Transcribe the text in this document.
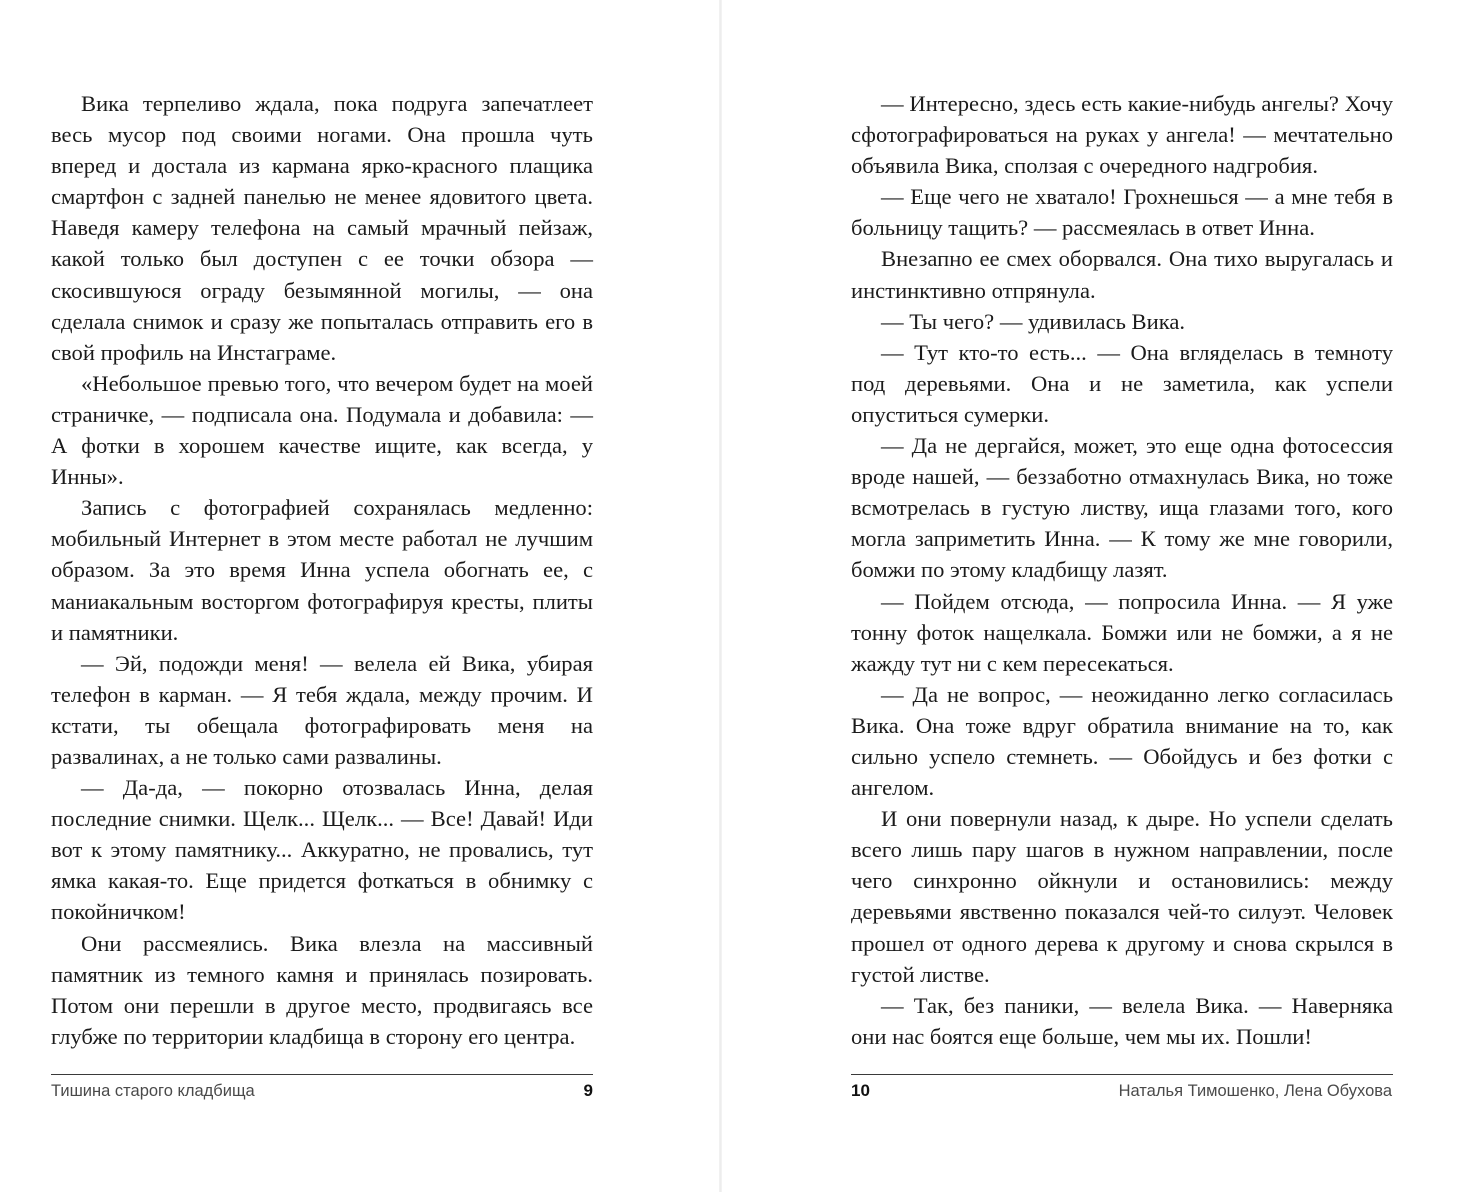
Вика терпеливо ждала, пока подруга запечатлеет весь мусор под своими ногами. Она прошла чуть вперед и достала из кармана ярко-красного плащика смартфон с задней панелью не менее ядовитого цвета. Наведя камеру телефона на самый мрачный пейзаж, какой только был доступен с ее точки обзора — скосившуюся ограду безымянной могилы, — она сделала снимок и сразу же попыталась отправить его в свой профиль на Инстаграме.

«Небольшое превью того, что вечером будет на моей страничке, — подписала она. Подумала и добавила: — А фотки в хорошем качестве ищите, как всегда, у Инны».

Запись с фотографией сохранялась медленно: мобильный Интернет в этом месте работал не лучшим образом. За это время Инна успела обогнать ее, с маниакальным восторгом фотографируя кресты, плиты и памятники.

— Эй, подожди меня! — велела ей Вика, убирая телефон в карман. — Я тебя ждала, между прочим. И кстати, ты обещала фотографировать меня на развалинах, а не только сами развалины.

— Да-да, — покорно отозвалась Инна, делая последние снимки. Щелк... Щелк... — Все! Давай! Иди вот к этому памятнику... Аккуратно, не провались, тут ямка какая-то. Еще придется фоткаться в обнимку с покойничком!

Они рассмеялись. Вика влезла на массивный памятник из темного камня и принялась позировать. Потом они перешли в другое место, продвигаясь все глубже по территории кладбища в сторону его центра.

Тишина старого кладбища	9

— Интересно, здесь есть какие-нибудь ангелы? Хочу сфотографироваться на руках у ангела! — мечтательно объявила Вика, сползая с очередного надгробия.

— Еще чего не хватало! Грохнешься — а мне тебя в больницу тащить? — рассмеялась в ответ Инна.

Внезапно ее смех оборвался. Она тихо выругалась и инстинктивно отпрянула.

— Ты чего? — удивилась Вика.

— Тут кто-то есть... — Она вгляделась в темноту под деревьями. Она и не заметила, как успели опуститься сумерки.

— Да не дергайся, может, это еще одна фотосессия вроде нашей, — беззаботно отмахнулась Вика, но тоже всмотрелась в густую листву, ища глазами того, кого могла заприметить Инна. — К тому же мне говорили, бомжи по этому кладбищу лазят.

— Пойдем отсюда, — попросила Инна. — Я уже тонну фоток нащелкала. Бомжи или не бомжи, а я не жажду тут ни с кем пересекаться.

— Да не вопрос, — неожиданно легко согласилась Вика. Она тоже вдруг обратила внимание на то, как сильно успело стемнеть. — Обойдусь и без фотки с ангелом.

И они повернули назад, к дыре. Но успели сделать всего лишь пару шагов в нужном направлении, после чего синхронно ойкнули и остановились: между деревьями явственно показался чей-то силуэт. Человек прошел от одного дерева к другому и снова скрылся в густой листве.

— Так, без паники, — велела Вика. — Наверняка они нас боятся еще больше, чем мы их. Пошли!

10	Наталья Тимошенко, Лена Обухова
